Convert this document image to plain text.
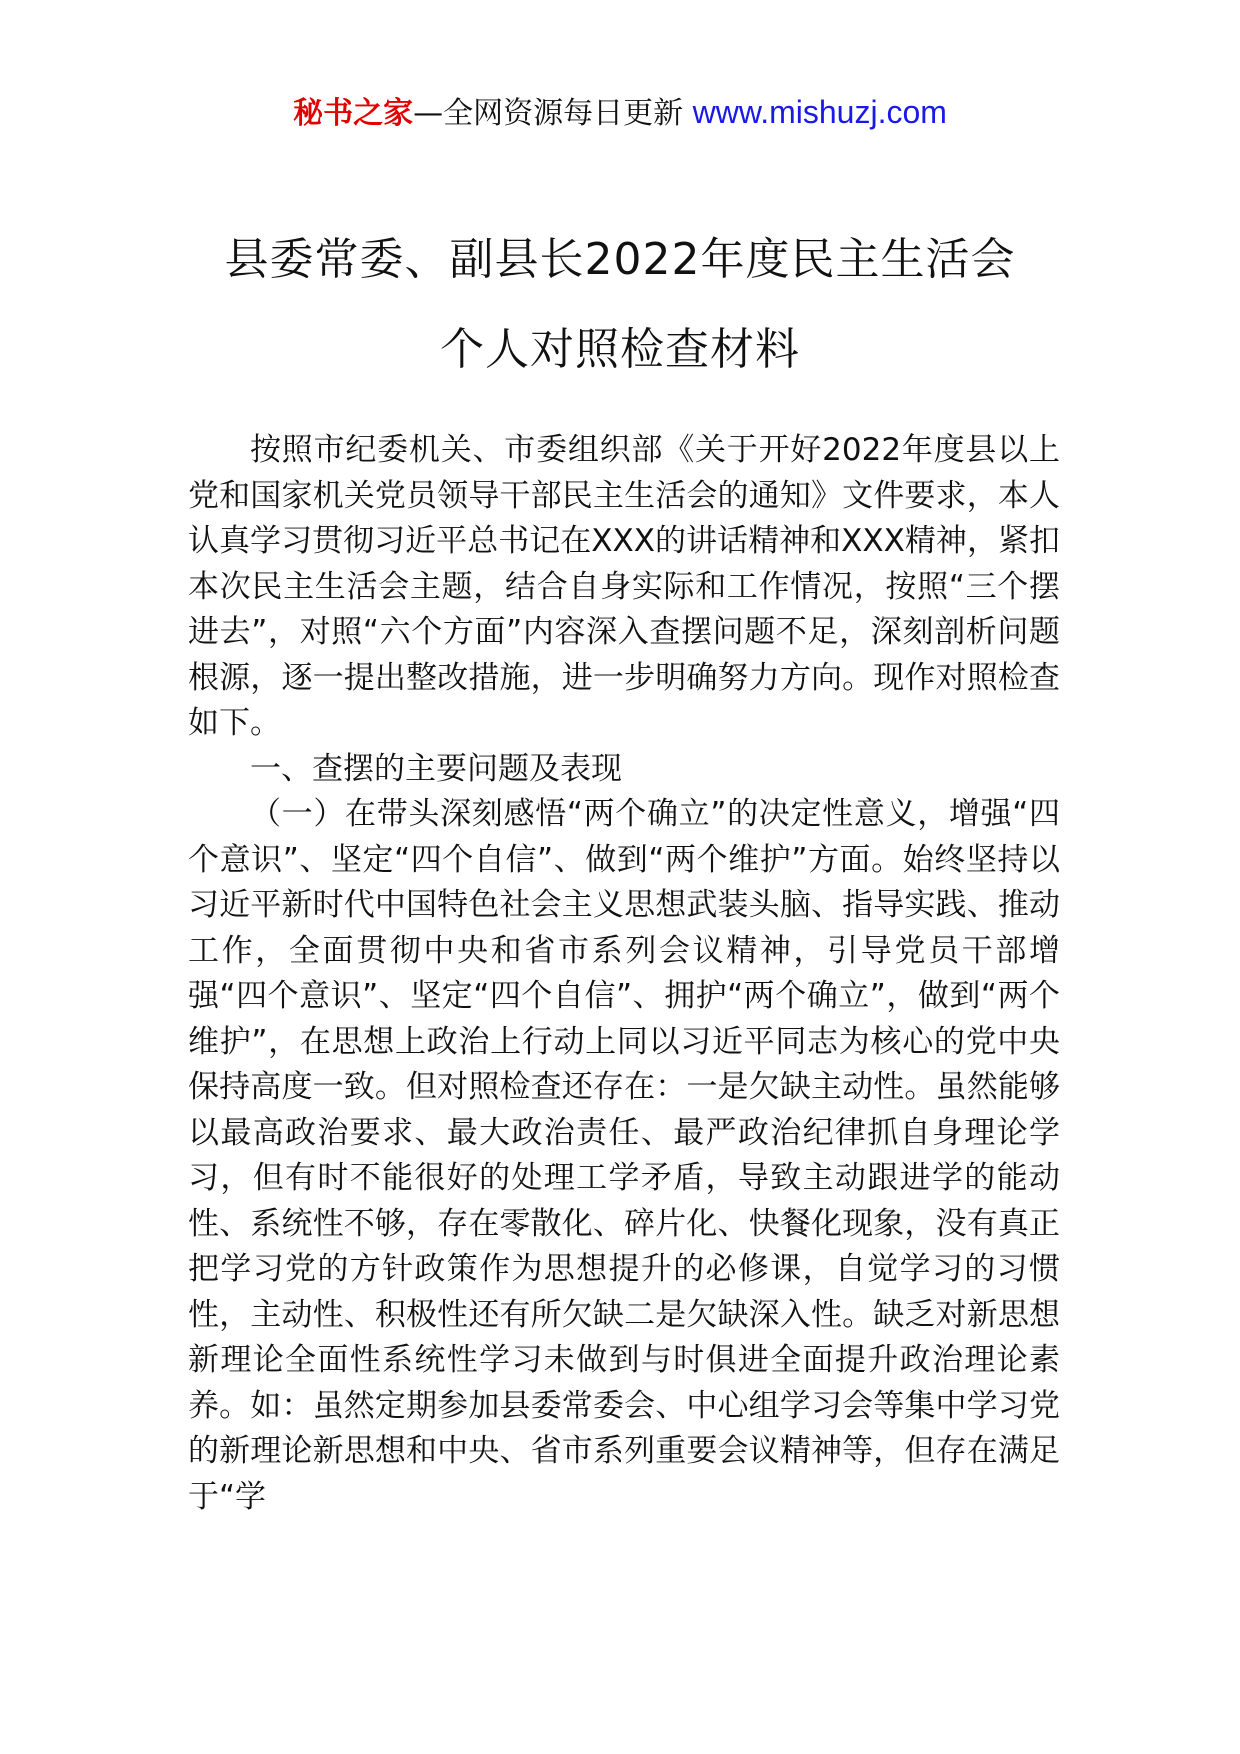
秘书之家—全网资源每日更新 www.mishuzj.com
县委常委、副县长2022年度民主生活会
个人对照检查材料

按照市纪委机关、市委组织部《关于开好2022年度县以上党和国家机关党员领导干部民主生活会的通知》文件要求，本人认真学习贯彻习近平总书记在XXX的讲话精神和XXX精神，紧扣本次民主生活会主题，结合自身实际和工作情况，按照“三个摆进去”，对照“六个方面”内容深入查摆问题不足，深刻剖析问题根源，逐一提出整改措施，进一步明确努力方向。现作对照检查如下。

一、查摆的主要问题及表现

（一）在带头深刻感悟“两个确立”的决定性意义，增强“四个意识”、坚定“四个自信”、做到“两个维护”方面。始终坚持以习近平新时代中国特色社会主义思想武装头脑、指导实践、推动工作，全面贯彻中央和省市系列会议精神，引导党员干部增强“四个意识”、坚定“四个自信”、拥护“两个确立”，做到“两个维护”，在思想上政治上行动上同以习近平同志为核心的党中央保持高度一致。但对照检查还存在：一是欠缺主动性。虽然能够以最高政治要求、最大政治责任、最严政治纪律抓自身理论学习，但有时不能很好的处理工学矛盾，导致主动跟进学的能动性、系统性不够，存在零散化、碎片化、快餐化现象，没有真正把学习党的方针政策作为思想提升的必修课，自觉学习的习惯性，主动性、积极性还有所欠缺二是欠缺深入性。缺乏对新思想新理论全面性系统性学习未做到与时俱进全面提升政治理论素养。如：虽然定期参加县委常委会、中心组学习会等集中学习党的新理论新思想和中央、省市系列重要会议精神等，但存在满足于“学
